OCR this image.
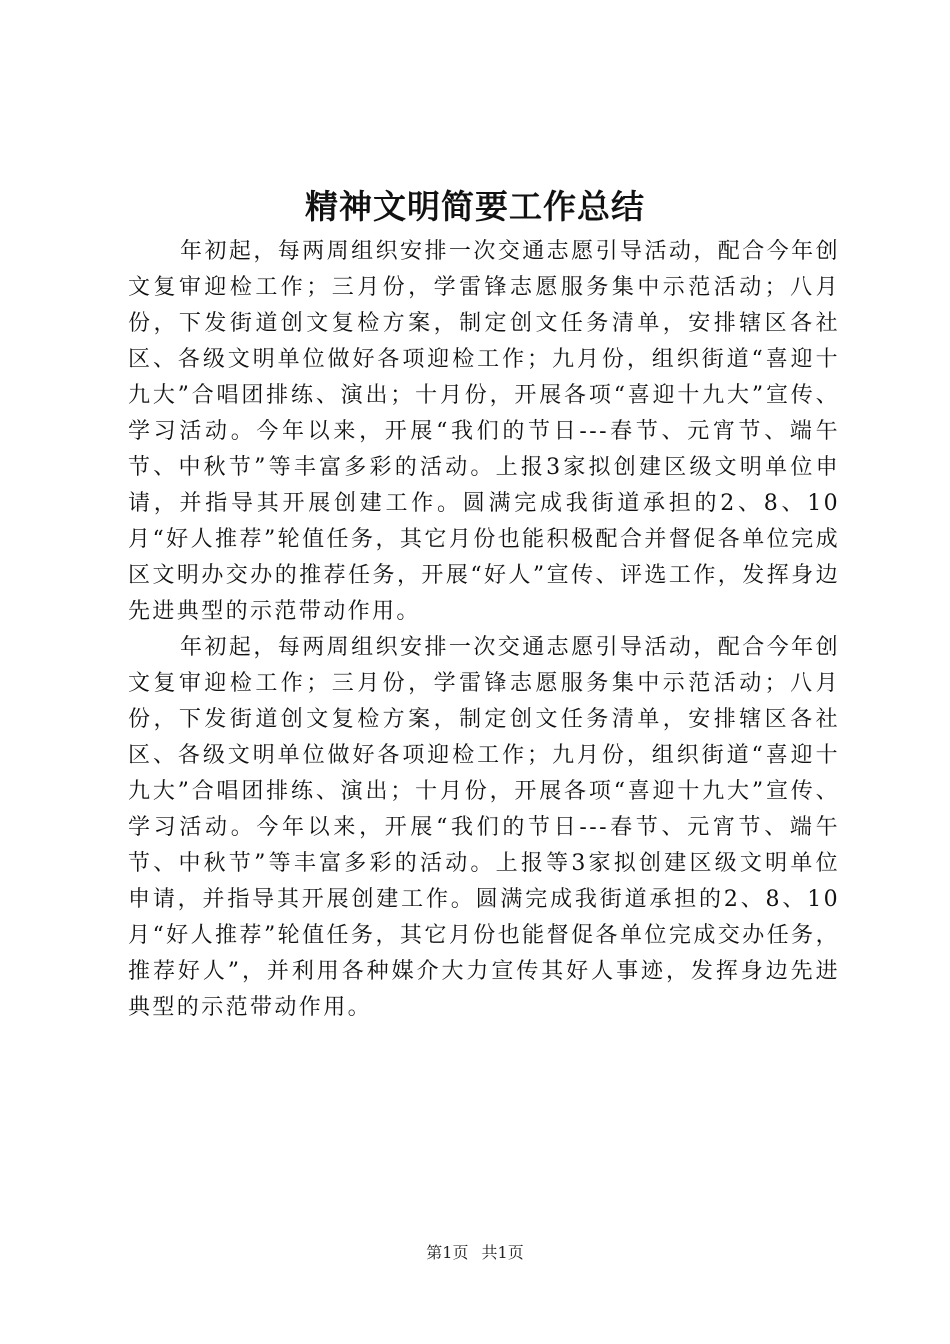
精神文明简要工作总结

年初起，每两周组织安排一次交通志愿引导活动，配合今年创文复审迎检工作；三月份，学雷锋志愿服务集中示范活动；八月份，下发街道创文复检方案，制定创文任务清单，安排辖区各社区、各级文明单位做好各项迎检工作；九月份，组织街道“喜迎十九大”合唱团排练、演出；十月份，开展各项“喜迎十九大”宣传、学习活动。今年以来，开展“我们的节日---春节、元宵节、端午节、中秋节”等丰富多彩的活动。上报3家拟创建区级文明单位申请，并指导其开展创建工作。圆满完成我街道承担的2、8、10月“好人推荐”轮值任务，其它月份也能积极配合并督促各单位完成区文明办交办的推荐任务，开展“好人”宣传、评选工作，发挥身边先进典型的示范带动作用。

年初起，每两周组织安排一次交通志愿引导活动，配合今年创文复审迎检工作；三月份，学雷锋志愿服务集中示范活动；八月份，下发街道创文复检方案，制定创文任务清单，安排辖区各社区、各级文明单位做好各项迎检工作；九月份，组织街道“喜迎十九大”合唱团排练、演出；十月份，开展各项“喜迎十九大”宣传、学习活动。今年以来，开展“我们的节日---春节、元宵节、端午节、中秋节”等丰富多彩的活动。上报等3家拟创建区级文明单位申请，并指导其开展创建工作。圆满完成我街道承担的2、8、10月“好人推荐”轮值任务，其它月份也能督促各单位完成交办任务，推荐好人”，并利用各种媒介大力宣传其好人事迹，发挥身边先进典型的示范带动作用。

第1页 共1页
